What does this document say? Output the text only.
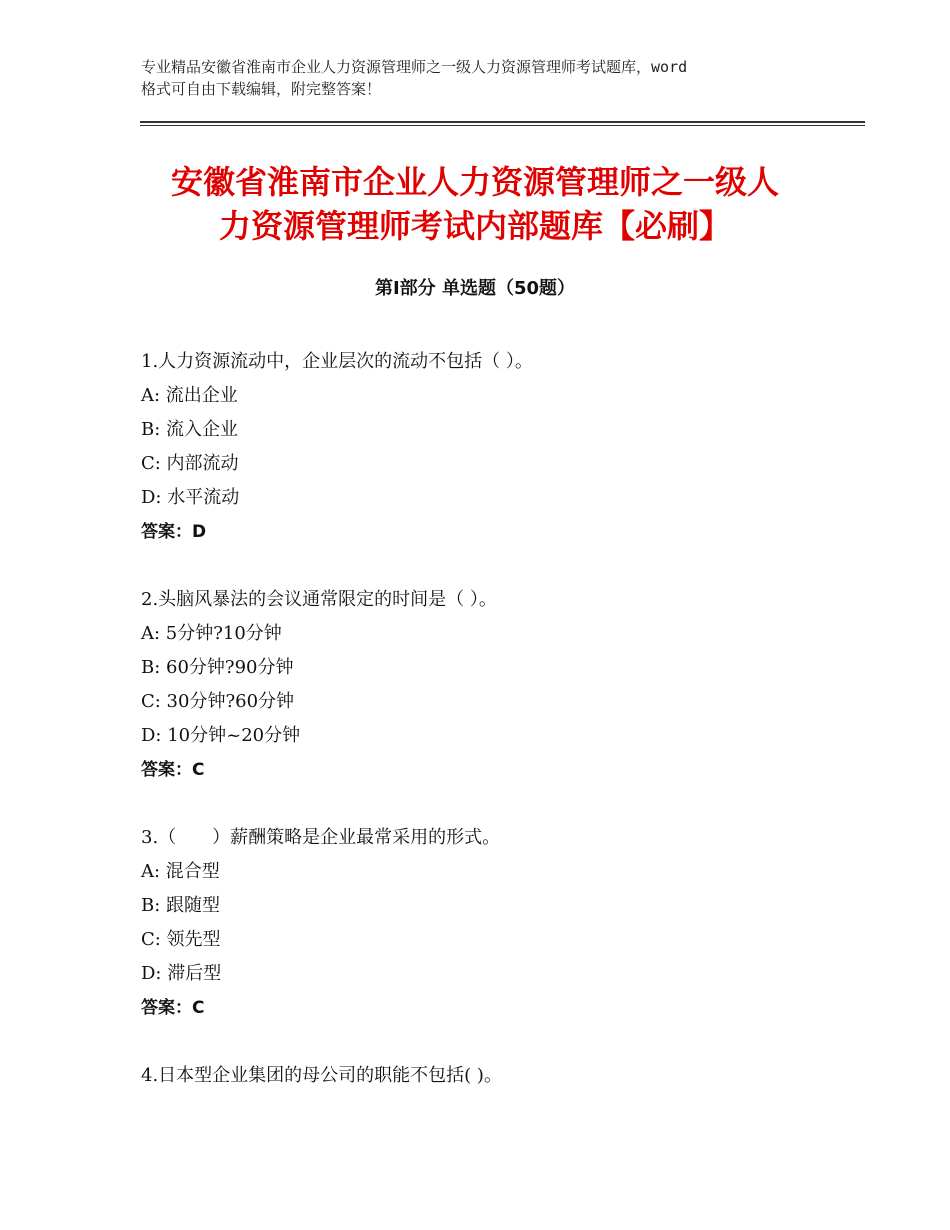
专业精品安徽省淮南市企业人力资源管理师之一级人力资源管理师考试题库，word
格式可自由下载编辑，附完整答案！
安徽省淮南市企业人力资源管理师之一级人
力资源管理师考试内部题库【必刷】
第Ⅰ部分 单选题（50题）
1.人力资源流动中，企业层次的流动不包括（ ）。
A: 流出企业
B: 流入企业
C: 内部流动
D: 水平流动
答案：D
2.头脑风暴法的会议通常限定的时间是（ ）。
A: 5分钟?10分钟
B: 60分钟?90分钟
C: 30分钟?60分钟
D: 10分钟~20分钟
答案：C
3.（　　）薪酬策略是企业最常采用的形式。
A: 混合型
B: 跟随型
C: 领先型
D: 滞后型
答案：C
4.日本型企业集团的母公司的职能不包括( )。
